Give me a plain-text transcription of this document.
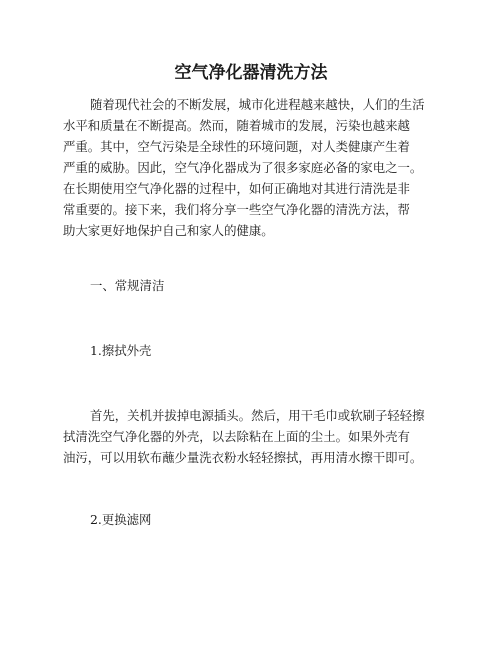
空气净化器清洗方法
随着现代社会的不断发展，城市化进程越来越快，人们的生活
水平和质量在不断提高。然而，随着城市的发展，污染也越来越
严重。其中，空气污染是全球性的环境问题，对人类健康产生着
严重的威胁。因此，空气净化器成为了很多家庭必备的家电之一。
在长期使用空气净化器的过程中，如何正确地对其进行清洗是非
常重要的。接下来，我们将分享一些空气净化器的清洗方法，帮
助大家更好地保护自己和家人的健康。
一、常规清洁
1.擦拭外壳
首先，关机并拔掉电源插头。然后，用干毛巾或软刷子轻轻擦
拭清洗空气净化器的外壳，以去除粘在上面的尘土。如果外壳有
油污，可以用软布蘸少量洗衣粉水轻轻擦拭，再用清水擦干即可。
2.更换滤网
